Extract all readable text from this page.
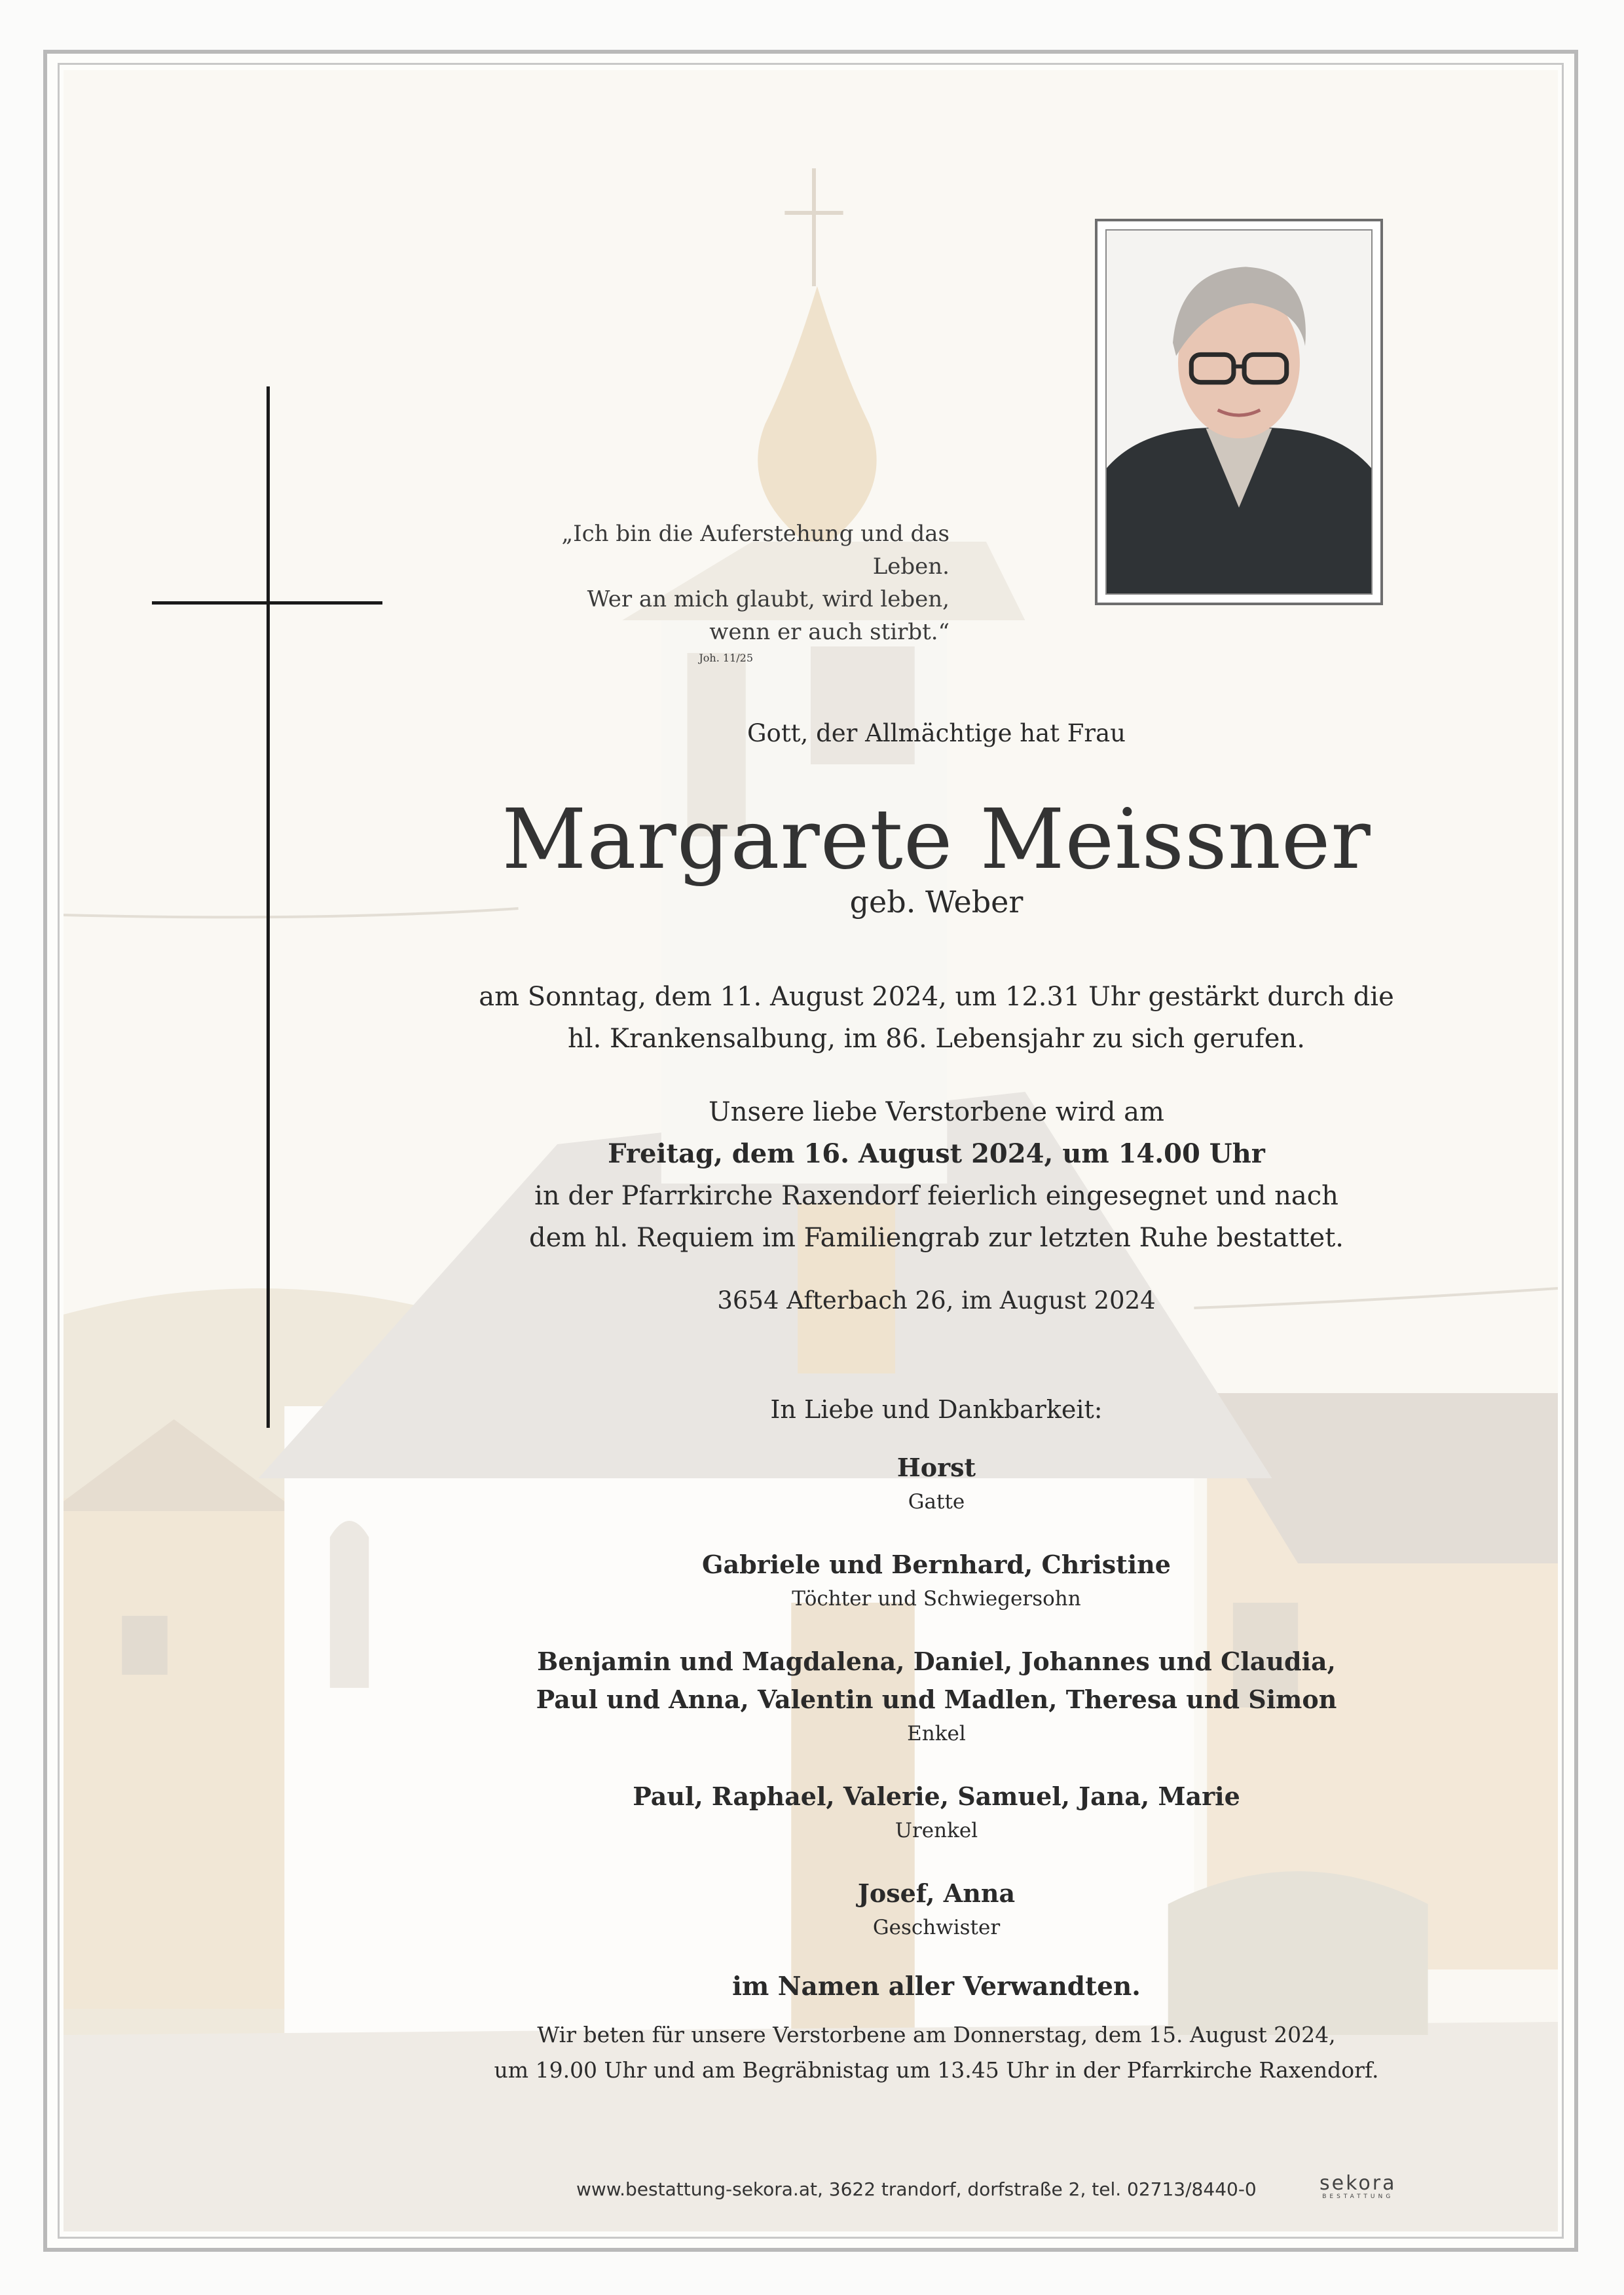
„Ich bin die Auferstehung und das Leben.
Wer an mich glaubt, wird leben,
wenn er auch stirbt.“
Joh. 11/25
Gott, der Allmächtige hat Frau
Margarete Meissner
geb. Weber
am Sonntag, dem 11. August 2024, um 12.31 Uhr gestärkt durch die
hl. Krankensalbung, im 86. Lebensjahr zu sich gerufen.
Unsere liebe Verstorbene wird am
Freitag, dem 16. August 2024, um 14.00 Uhr
in der Pfarrkirche Raxendorf feierlich eingesegnet und nach
dem hl. Requiem im Familiengrab zur letzten Ruhe bestattet.
3654 Afterbach 26, im August 2024
In Liebe und Dankbarkeit:
Horst
Gatte
Gabriele und Bernhard, Christine
Töchter und Schwiegersohn
Benjamin und Magdalena, Daniel, Johannes und Claudia,
Paul und Anna, Valentin und Madlen, Theresa und Simon
Enkel
Paul, Raphael, Valerie, Samuel, Jana, Marie
Urenkel
Josef, Anna
Geschwister
im Namen aller Verwandten.
Wir beten für unsere Verstorbene am Donnerstag, dem 15. August 2024,
um 19.00 Uhr und am Begräbnistag um 13.45 Uhr in der Pfarrkirche Raxendorf.
www.bestattung-sekora.at, 3622 trandorf, dorfstraße 2, tel. 02713/8440-0	sekora
BESTATTUNG
